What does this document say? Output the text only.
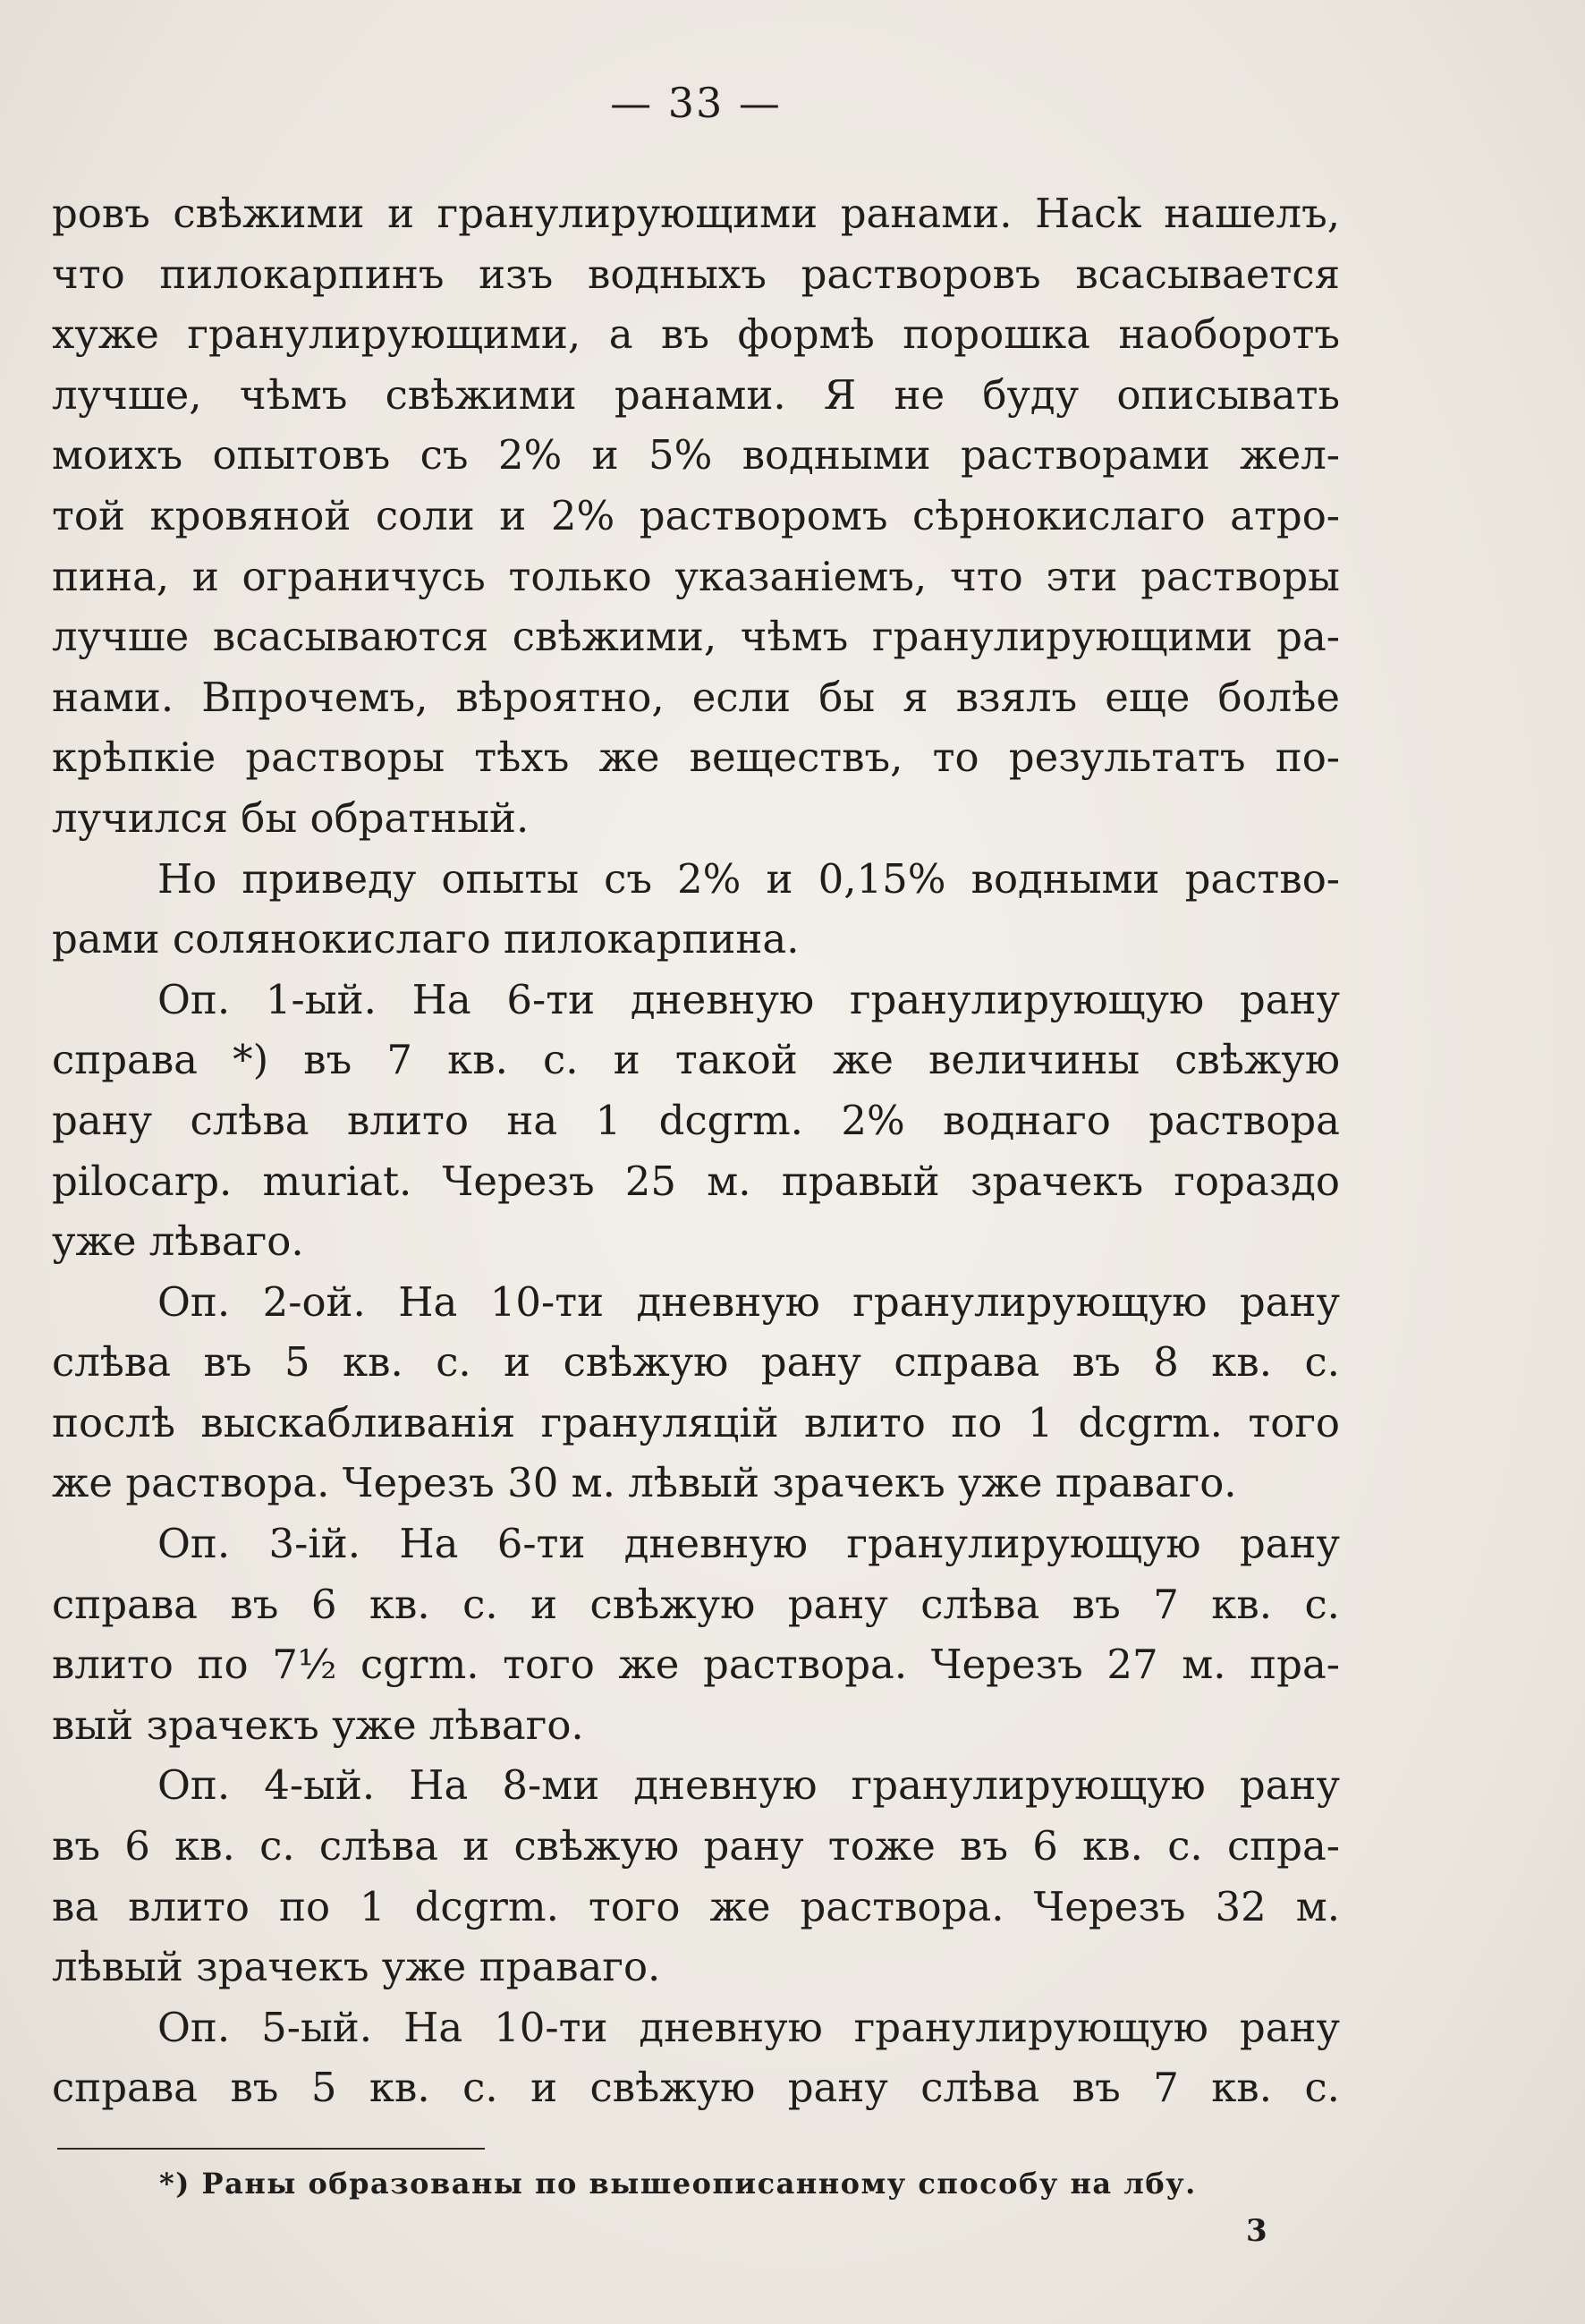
— 33 —
ровъ свѣжими и гранулирующими ранами. Hack нашелъ,
что пилокарпинъ изъ водныхъ растворовъ всасывается
хуже гранулирующими, а въ формѣ порошка наоборотъ
лучше, чѣмъ свѣжими ранами. Я не буду описывать
моихъ опытовъ съ 2% и 5% водными растворами жел-
той кровяной соли и 2% растворомъ сѣрнокислаго атро-
пина, и ограничусь только указаніемъ, что эти растворы
лучше всасываются свѣжими, чѣмъ гранулирующими ра-
нами. Впрочемъ, вѣроятно, если бы я взялъ еще болѣе
крѣпкіе растворы тѣхъ же веществъ, то результатъ по-
лучился бы обратный.
Но приведу опыты съ 2% и 0,15% водными раство-
рами солянокислаго пилокарпина.
Оп. 1-ый. На 6-ти дневную гранулирующую рану
справа *) въ 7 кв. с. и такой же величины свѣжую
рану слѣва влито на 1 dcgrm. 2% воднаго раствора
pilocarp. muriat. Черезъ 25 м. правый зрачекъ гораздо
уже лѣваго.
Оп. 2-ой. На 10-ти дневную гранулирующую рану
слѣва въ 5 кв. с. и свѣжую рану справа въ 8 кв. с.
послѣ выскабливанія грануляцій влито по 1 dcgrm. того
же раствора. Черезъ 30 м. лѣвый зрачекъ уже праваго.
Оп. 3-ій. На 6-ти дневную гранулирующую рану
справа въ 6 кв. с. и свѣжую рану слѣва въ 7 кв. с.
влито по 7½ cgrm. того же раствора. Черезъ 27 м. пра-
вый зрачекъ уже лѣваго.
Оп. 4-ый. На 8-ми дневную гранулирующую рану
въ 6 кв. с. слѣва и свѣжую рану тоже въ 6 кв. с. спра-
ва влито по 1 dcgrm. того же раствора. Черезъ 32 м.
лѣвый зрачекъ уже праваго.
Оп. 5-ый. На 10-ти дневную гранулирующую рану
справа въ 5 кв. с. и свѣжую рану слѣва въ 7 кв. с.
*) Раны образованы по вышеописанному способу на лбу.
3
